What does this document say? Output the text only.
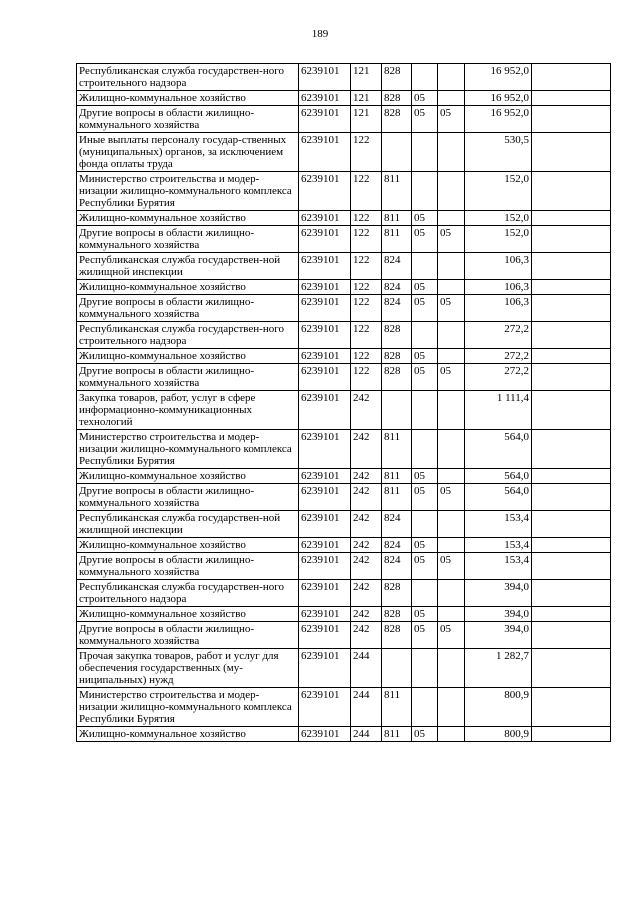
189
Республиканская служба государствен-ного строительного надзора	6239101	121	828			16 952,0	
Жилищно-коммунальное хозяйство	6239101	121	828	05		16 952,0	
Другие вопросы в области жилищно-коммунального хозяйства	6239101	121	828	05	05	16 952,0	
Иные выплаты персоналу государ-ственных (муниципальных) органов, за исключением фонда оплаты труда	6239101	122				530,5	
Министерство строительства и модер-низации жилищно-коммунального комплекса Республики Бурятия	6239101	122	811			152,0	
Жилищно-коммунальное хозяйство	6239101	122	811	05		152,0	
Другие вопросы в области жилищно-коммунального хозяйства	6239101	122	811	05	05	152,0	
Республиканская служба государствен-ной жилищной инспекции	6239101	122	824			106,3	
Жилищно-коммунальное хозяйство	6239101	122	824	05		106,3	
Другие вопросы в области жилищно-коммунального хозяйства	6239101	122	824	05	05	106,3	
Республиканская служба государствен-ного строительного надзора	6239101	122	828			272,2	
Жилищно-коммунальное хозяйство	6239101	122	828	05		272,2	
Другие вопросы в области жилищно-коммунального хозяйства	6239101	122	828	05	05	272,2	
Закупка товаров, работ, услуг в сфере информационно-коммуникационных технологий	6239101	242				1 111,4	
Министерство строительства и модер-низации жилищно-коммунального комплекса Республики Бурятия	6239101	242	811			564,0	
Жилищно-коммунальное хозяйство	6239101	242	811	05		564,0	
Другие вопросы в области жилищно-коммунального хозяйства	6239101	242	811	05	05	564,0	
Республиканская служба государствен-ной жилищной инспекции	6239101	242	824			153,4	
Жилищно-коммунальное хозяйство	6239101	242	824	05		153,4	
Другие вопросы в области жилищно-коммунального хозяйства	6239101	242	824	05	05	153,4	
Республиканская служба государствен-ного строительного надзора	6239101	242	828			394,0	
Жилищно-коммунальное хозяйство	6239101	242	828	05		394,0	
Другие вопросы в области жилищно-коммунального хозяйства	6239101	242	828	05	05	394,0	
Прочая закупка товаров, работ и услуг для обеспечения государственных (му-ниципальных) нужд	6239101	244				1 282,7	
Министерство строительства и модер-низации жилищно-коммунального комплекса Республики Бурятия	6239101	244	811			800,9	
Жилищно-коммунальное хозяйство	6239101	244	811	05		800,9	
